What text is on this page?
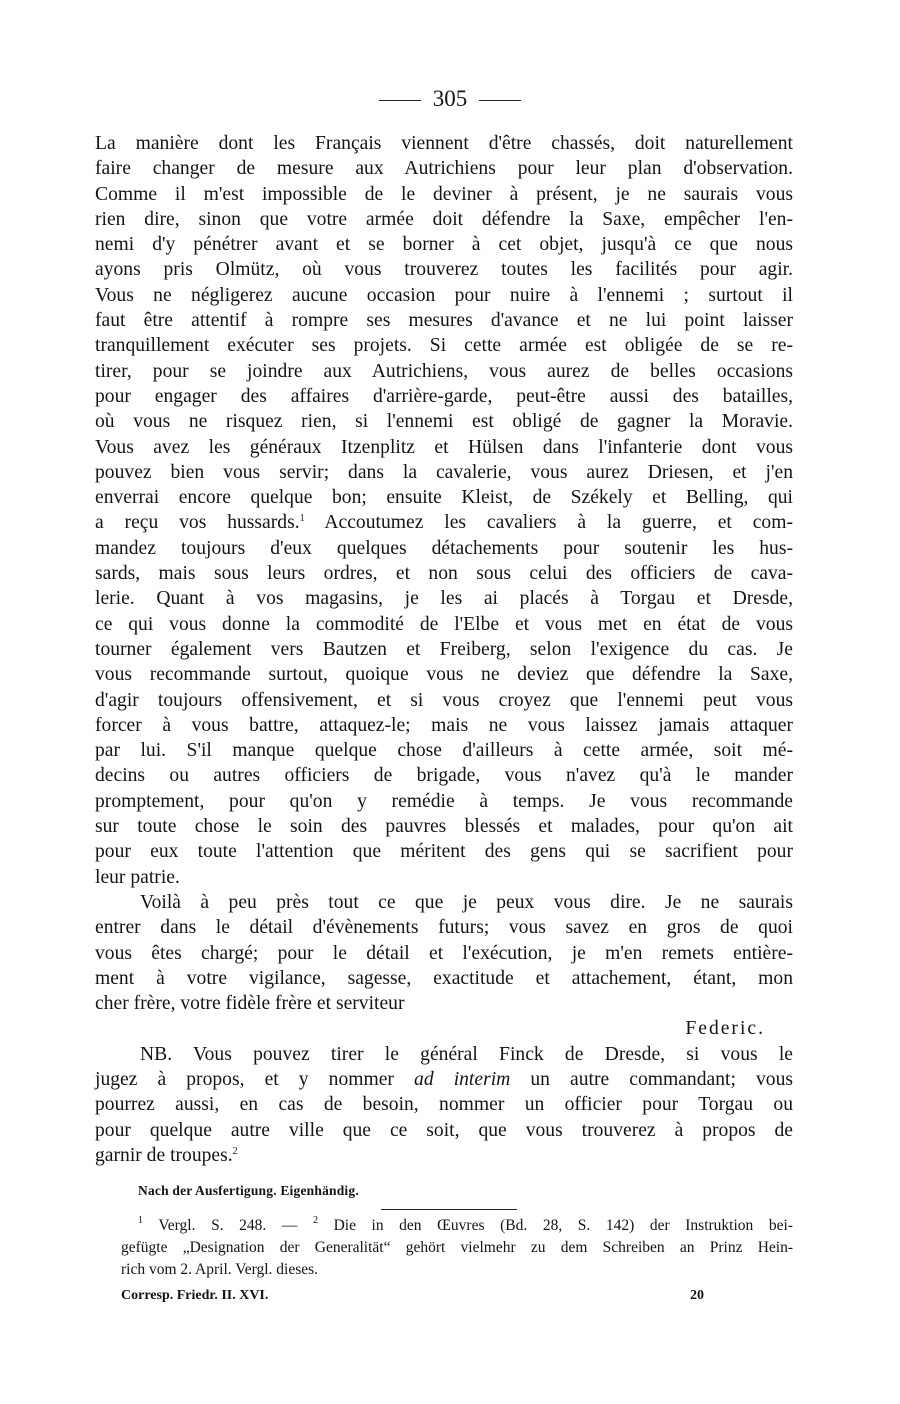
305
La manière dont les Français viennent d'être chassés, doit naturellement
faire changer de mesure aux Autrichiens pour leur plan d'observation.
Comme il m'est impossible de le deviner à présent, je ne saurais vous
rien dire, sinon que votre armée doit défendre la Saxe, empêcher l'en-
nemi d'y pénétrer avant et se borner à cet objet, jusqu'à ce que nous
ayons pris Olmütz, où vous trouverez toutes les facilités pour agir.
Vous ne négligerez aucune occasion pour nuire à l'ennemi ; surtout il
faut être attentif à rompre ses mesures d'avance et ne lui point laisser
tranquillement exécuter ses projets. Si cette armée est obligée de se re-
tirer, pour se joindre aux Autrichiens, vous aurez de belles occasions
pour engager des affaires d'arrière-garde, peut-être aussi des batailles,
où vous ne risquez rien, si l'ennemi est obligé de gagner la Moravie.
Vous avez les généraux Itzenplitz et Hülsen dans l'infanterie dont vous
pouvez bien vous servir; dans la cavalerie, vous aurez Driesen, et j'en
enverrai encore quelque bon; ensuite Kleist, de Székely et Belling, qui
a reçu vos hussards.$^1$ Accoutumez les cavaliers à la guerre, et com-
mandez toujours d'eux quelques détachements pour soutenir les hus-
sards, mais sous leurs ordres, et non sous celui des officiers de cava-
lerie. Quant à vos magasins, je les ai placés à Torgau et Dresde,
ce qui vous donne la commodité de l'Elbe et vous met en état de vous
tourner également vers Bautzen et Freiberg, selon l'exigence du cas. Je
vous recommande surtout, quoique vous ne deviez que défendre la Saxe,
d'agir toujours offensivement, et si vous croyez que l'ennemi peut vous
forcer à vous battre, attaquez-le; mais ne vous laissez jamais attaquer
par lui. S'il manque quelque chose d'ailleurs à cette armée, soit mé-
decins ou autres officiers de brigade, vous n'avez qu'à le mander
promptement, pour qu'on y remédie à temps. Je vous recommande
sur toute chose le soin des pauvres blessés et malades, pour qu'on ait
pour eux toute l'attention que méritent des gens qui se sacrifient pour
leur patrie.
Voilà à peu près tout ce que je peux vous dire. Je ne saurais
entrer dans le détail d'évènements futurs; vous savez en gros de quoi
vous êtes chargé; pour le détail et l'exécution, je m'en remets entière-
ment à votre vigilance, sagesse, exactitude et attachement, étant, mon
cher frère, votre fidèle frère et serviteur
Federic.
NB. Vous pouvez tirer le général Finck de Dresde, si vous le
jugez à propos, et y nommer ad interim un autre commandant; vous
pourrez aussi, en cas de besoin, nommer un officier pour Torgau ou
pour quelque autre ville que ce soit, que vous trouverez à propos de
garnir de troupes.$^2$
Nach der Ausfertigung. Eigenhändig.
$^1$ Vergl. S. 248. — $^2$ Die in den Œuvres (Bd. 28, S. 142) der Instruktion bei-
gefügte „Designation der Generalität“ gehört vielmehr zu dem Schreiben an Prinz Hein-
rich vom 2. April. Vergl. dieses.
Corresp. Friedr. II. XVI.	20
